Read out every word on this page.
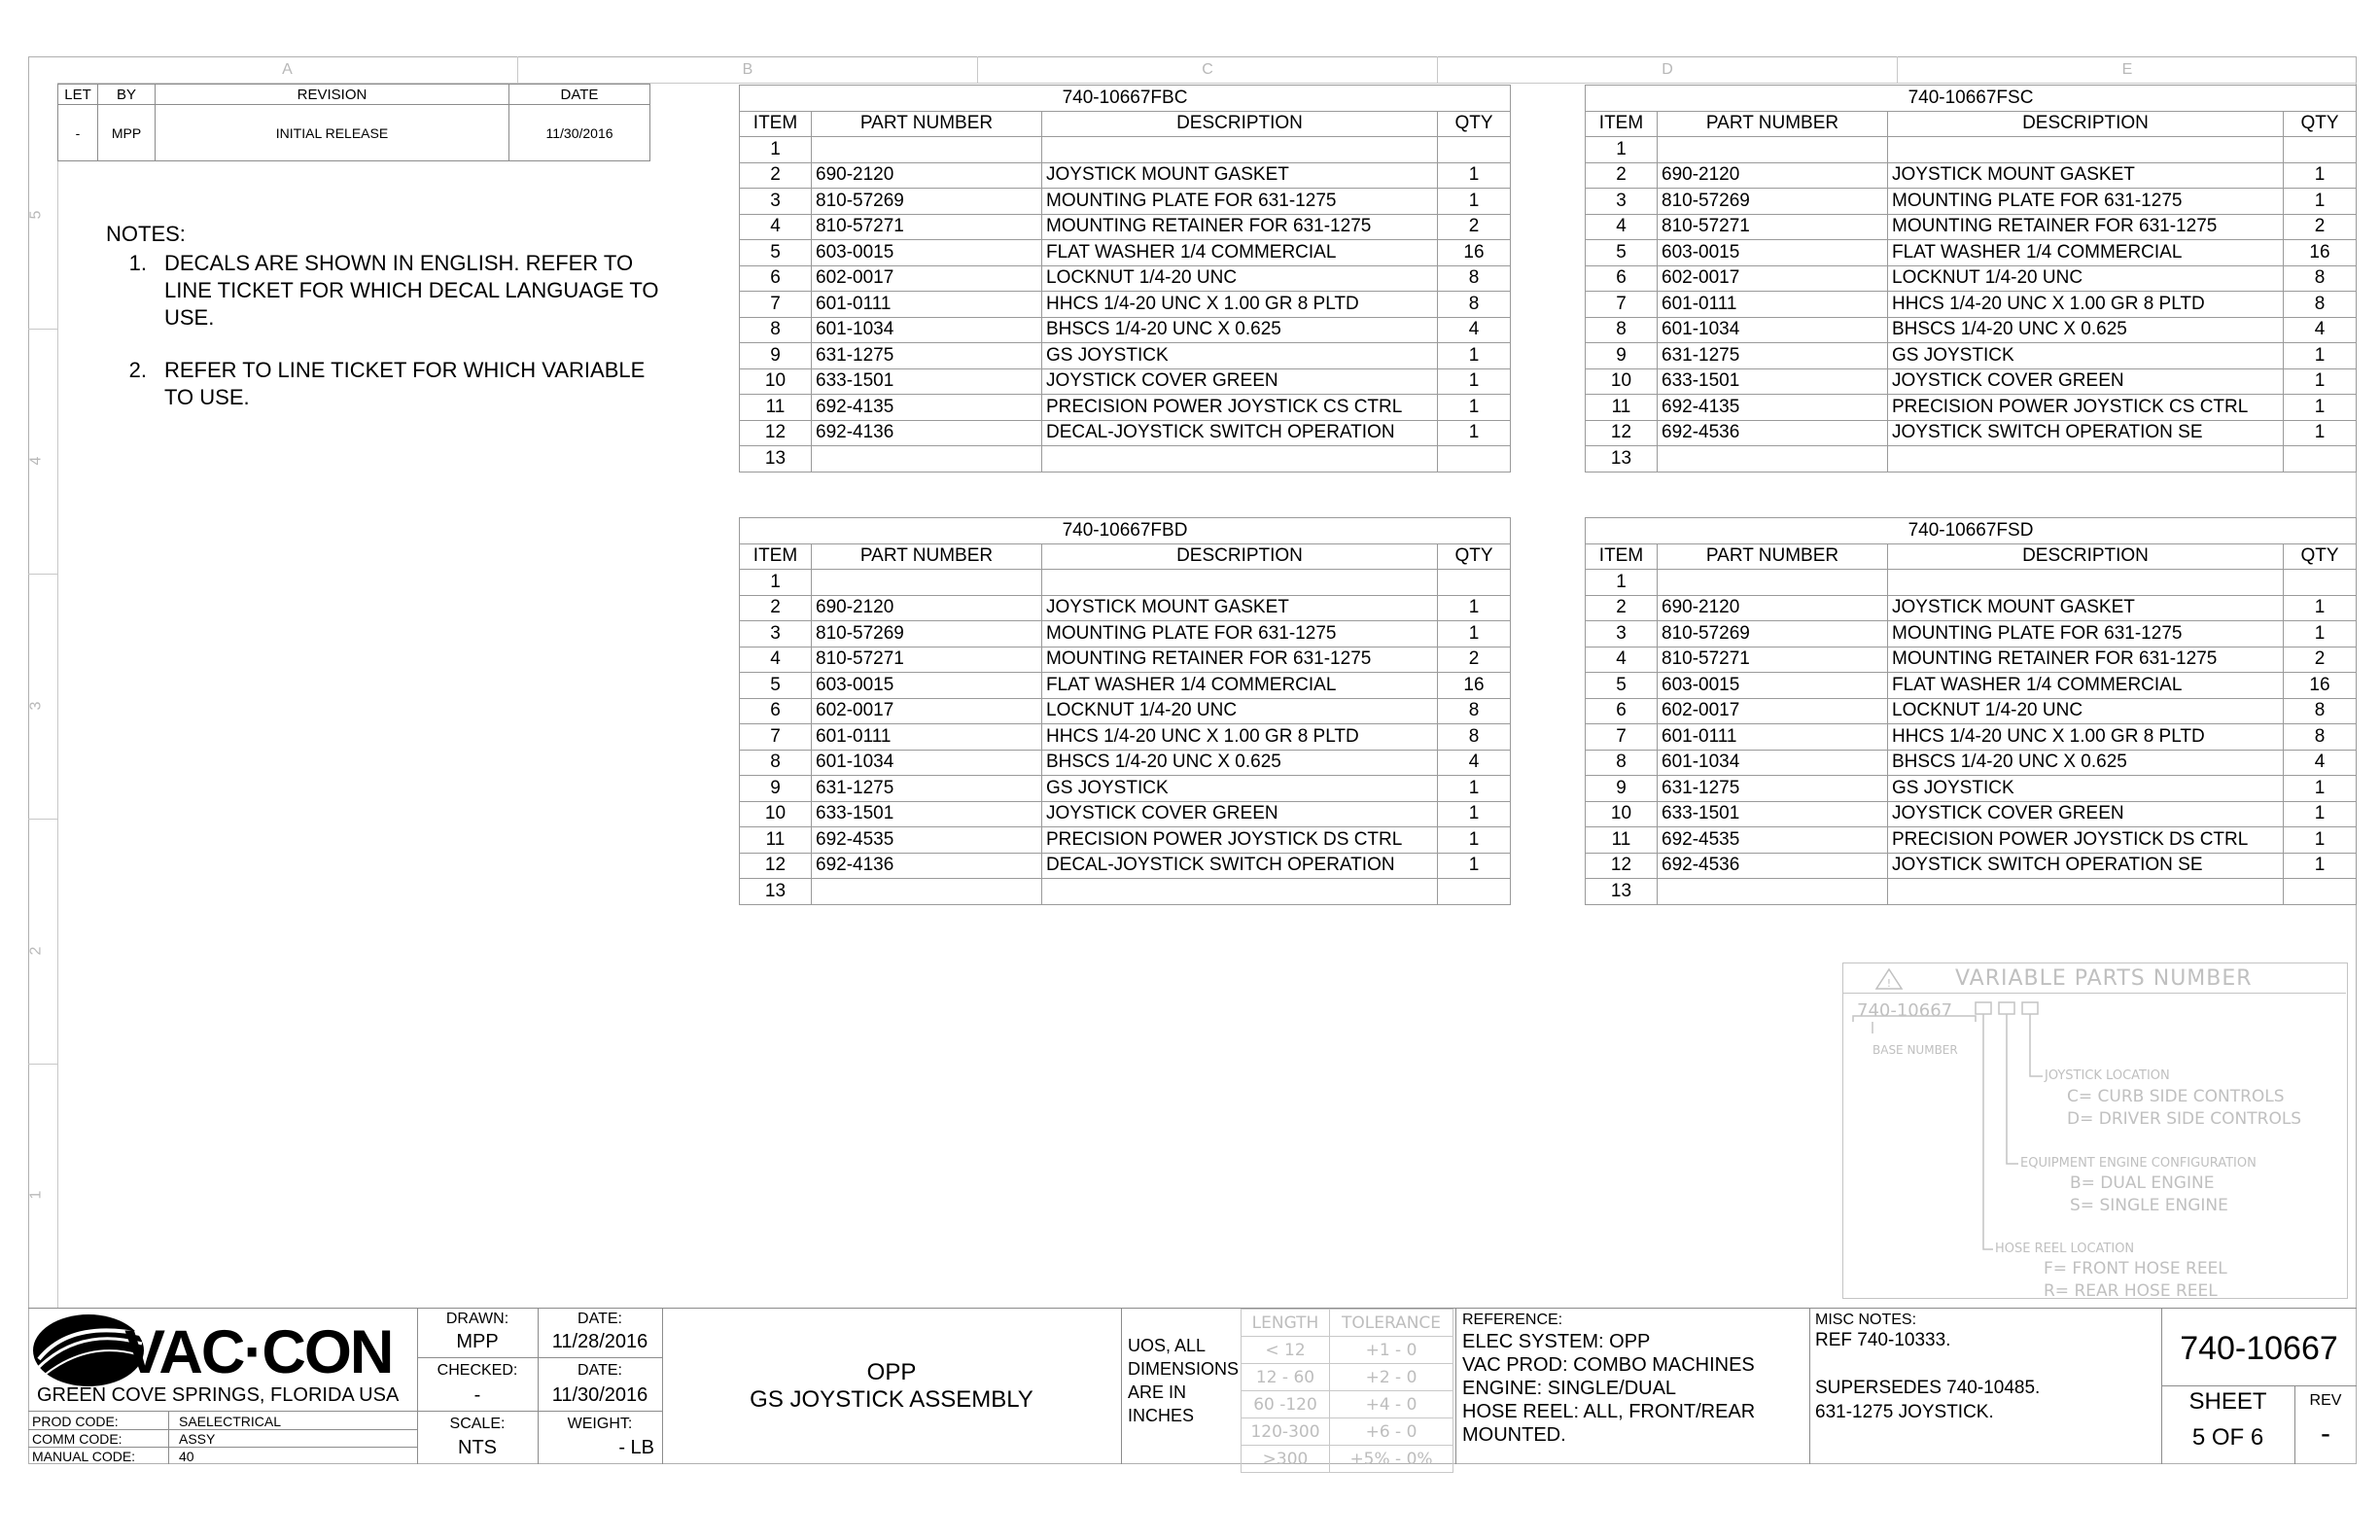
A	B	C	D	E
5
4
3
2
1
LET	BY	REVISION	DATE
-	MPP	INITIAL RELEASE	11/30/2016
NOTES:
1. DECALS ARE SHOWN IN ENGLISH. REFER TO LINE TICKET FOR WHICH DECAL LANGUAGE TO USE.
2. REFER TO LINE TICKET FOR WHICH VARIABLE TO USE.
740-10667FBC			
ITEM	PART NUMBER	DESCRIPTION	QTY
1			
2	690-2120	JOYSTICK MOUNT GASKET	1
3	810-57269	MOUNTING PLATE FOR 631-1275	1
4	810-57271	MOUNTING RETAINER FOR 631-1275	2
5	603-0015	FLAT WASHER 1/4 COMMERCIAL	16
6	602-0017	LOCKNUT 1/4-20 UNC	8
7	601-0111	HHCS 1/4-20 UNC X 1.00 GR 8 PLTD	8
8	601-1034	BHSCS 1/4-20 UNC X 0.625	4
9	631-1275	GS JOYSTICK	1
10	633-1501	JOYSTICK COVER GREEN	1
11	692-4135	PRECISION POWER JOYSTICK CS CTRL	1
12	692-4136	DECAL-JOYSTICK SWITCH OPERATION	1
13			
740-10667FSC			
ITEM	PART NUMBER	DESCRIPTION	QTY
1			
2	690-2120	JOYSTICK MOUNT GASKET	1
3	810-57269	MOUNTING PLATE FOR 631-1275	1
4	810-57271	MOUNTING RETAINER FOR 631-1275	2
5	603-0015	FLAT WASHER 1/4 COMMERCIAL	16
6	602-0017	LOCKNUT 1/4-20 UNC	8
7	601-0111	HHCS 1/4-20 UNC X 1.00 GR 8 PLTD	8
8	601-1034	BHSCS 1/4-20 UNC X 0.625	4
9	631-1275	GS JOYSTICK	1
10	633-1501	JOYSTICK COVER GREEN	1
11	692-4135	PRECISION POWER JOYSTICK CS CTRL	1
12	692-4536	JOYSTICK SWITCH OPERATION SE	1
13			
740-10667FBD			
ITEM	PART NUMBER	DESCRIPTION	QTY
1			
2	690-2120	JOYSTICK MOUNT GASKET	1
3	810-57269	MOUNTING PLATE FOR 631-1275	1
4	810-57271	MOUNTING RETAINER FOR 631-1275	2
5	603-0015	FLAT WASHER 1/4 COMMERCIAL	16
6	602-0017	LOCKNUT 1/4-20 UNC	8
7	601-0111	HHCS 1/4-20 UNC X 1.00 GR 8 PLTD	8
8	601-1034	BHSCS 1/4-20 UNC X 0.625	4
9	631-1275	GS JOYSTICK	1
10	633-1501	JOYSTICK COVER GREEN	1
11	692-4535	PRECISION POWER JOYSTICK DS CTRL	1
12	692-4136	DECAL-JOYSTICK SWITCH OPERATION	1
13			
740-10667FSD			
ITEM	PART NUMBER	DESCRIPTION	QTY
1			
2	690-2120	JOYSTICK MOUNT GASKET	1
3	810-57269	MOUNTING PLATE FOR 631-1275	1
4	810-57271	MOUNTING RETAINER FOR 631-1275	2
5	603-0015	FLAT WASHER 1/4 COMMERCIAL	16
6	602-0017	LOCKNUT 1/4-20 UNC	8
7	601-0111	HHCS 1/4-20 UNC X 1.00 GR 8 PLTD	8
8	601-1034	BHSCS 1/4-20 UNC X 0.625	4
9	631-1275	GS JOYSTICK	1
10	633-1501	JOYSTICK COVER GREEN	1
11	692-4535	PRECISION POWER JOYSTICK DS CTRL	1
12	692-4536	JOYSTICK SWITCH OPERATION SE	1
13			
!	VARIABLE PARTS NUMBER
740-10667
BASE NUMBER
JOYSTICK LOCATION
C= CURB SIDE CONTROLS
D= DRIVER SIDE CONTROLS
EQUIPMENT ENGINE CONFIGURATION
B= DUAL ENGINE
S= SINGLE ENGINE
HOSE REEL LOCATION
F= FRONT HOSE REEL
R= REAR HOSE REEL
VAC·CON
GREEN COVE SPRINGS, FLORIDA USA
PROD CODE:	SAELECTRICAL
COMM CODE:	ASSY
MANUAL CODE:	40
DRAWN:
MPP
DATE:
11/28/2016
CHECKED:
-
DATE:
11/30/2016
SCALE:
NTS
WEIGHT:
- LB
OPP
GS JOYSTICK ASSEMBLY
UOS, ALL
DIMENSIONS
ARE IN
INCHES
LENGTH	TOLERANCE
< 12	+1 - 0
12 - 60	+2 - 0
60 -120	+4 - 0
120-300	+6 - 0
>300	+5% - 0%
REFERENCE:
ELEC SYSTEM: OPP
VAC PROD: COMBO MACHINES
ENGINE: SINGLE/DUAL
HOSE REEL: ALL, FRONT/REAR
MOUNTED.
MISC NOTES:
REF 740-10333.
SUPERSEDES 740-10485.
631-1275 JOYSTICK.
740-10667
SHEET
5 OF 6
REV
-
